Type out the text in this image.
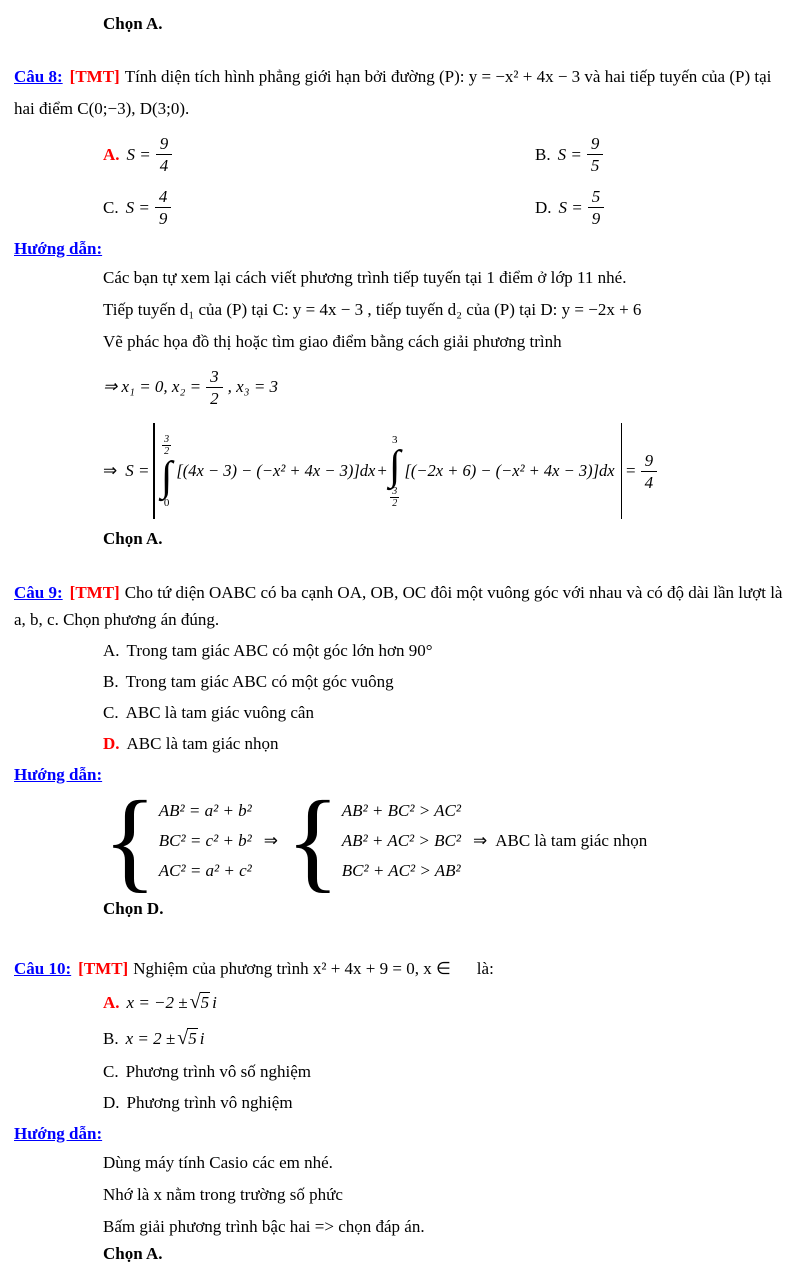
Chọn A.

Câu 8: [TMT] Tính diện tích hình phẳng giới hạn bởi đường (P): y = −x² + 4x − 3 và hai tiếp tuyến của (P) tại hai điểm C(0;−3), D(3;0).

A. $S = \frac{9}{4}$	B. $S = \frac{9}{5}$
C. $S = \frac{4}{9}$	D. $S = \frac{5}{9}$

Hướng dẫn:

Các bạn tự xem lại cách viết phương trình tiếp tuyến tại 1 điểm ở lớp 11 nhé.

Tiếp tuyến d₁ của (P) tại C: y = 4x − 3 , tiếp tuyến d₂ của (P) tại D: y = −2x + 6

Vẽ phác họa đồ thị hoặc tìm giao điểm bằng cách giải phương trình

⇒ x₁ = 0, $x_2 = \frac{3}{2}$ , x₃ = 3
⇒ S =
$\frac{3}{2}$
∫
0
[(4x − 3) − (−x² + 4x − 3)]dx +
3
∫
$\frac{3}{2}$
$[(-2x + 6) - (-x^2 + 4x - 3)]dx = \frac{9}{4}$

Chọn A.

Câu 9: [TMT] Cho tứ diện OABC có ba cạnh OA, OB, OC đôi một vuông góc với nhau và có độ dài lần lượt là a, b, c. Chọn phương án đúng.

A. Trong tam giác ABC có một góc lớn hơn 90°

B. Trong tam giác ABC có một góc vuông

C. ABC là tam giác vuông cân

D. ABC là tam giác nhọn

Hướng dẫn:

{ AB² = a² + b²
BC² = c² + b²
AC² = a² + c²
⇒ { AB² + BC² > AC²
AB² + AC² > BC²
BC² + AC² > AB²
⇒ ABC là tam giác nhọn

Chọn D.

Câu 10: [TMT] Nghiệm của phương trình x² + 4x + 9 = 0, x ∈ là:

A. x = −2 ± √ 5 i

B. x = 2 ± √ 5 i

C. Phương trình vô số nghiệm

D. Phương trình vô nghiệm

Hướng dẫn:

Dùng máy tính Casio các em nhé.

Nhớ là x nằm trong trường số phức

Bấm giải phương trình bậc hai => chọn đáp án.

Chọn A.
